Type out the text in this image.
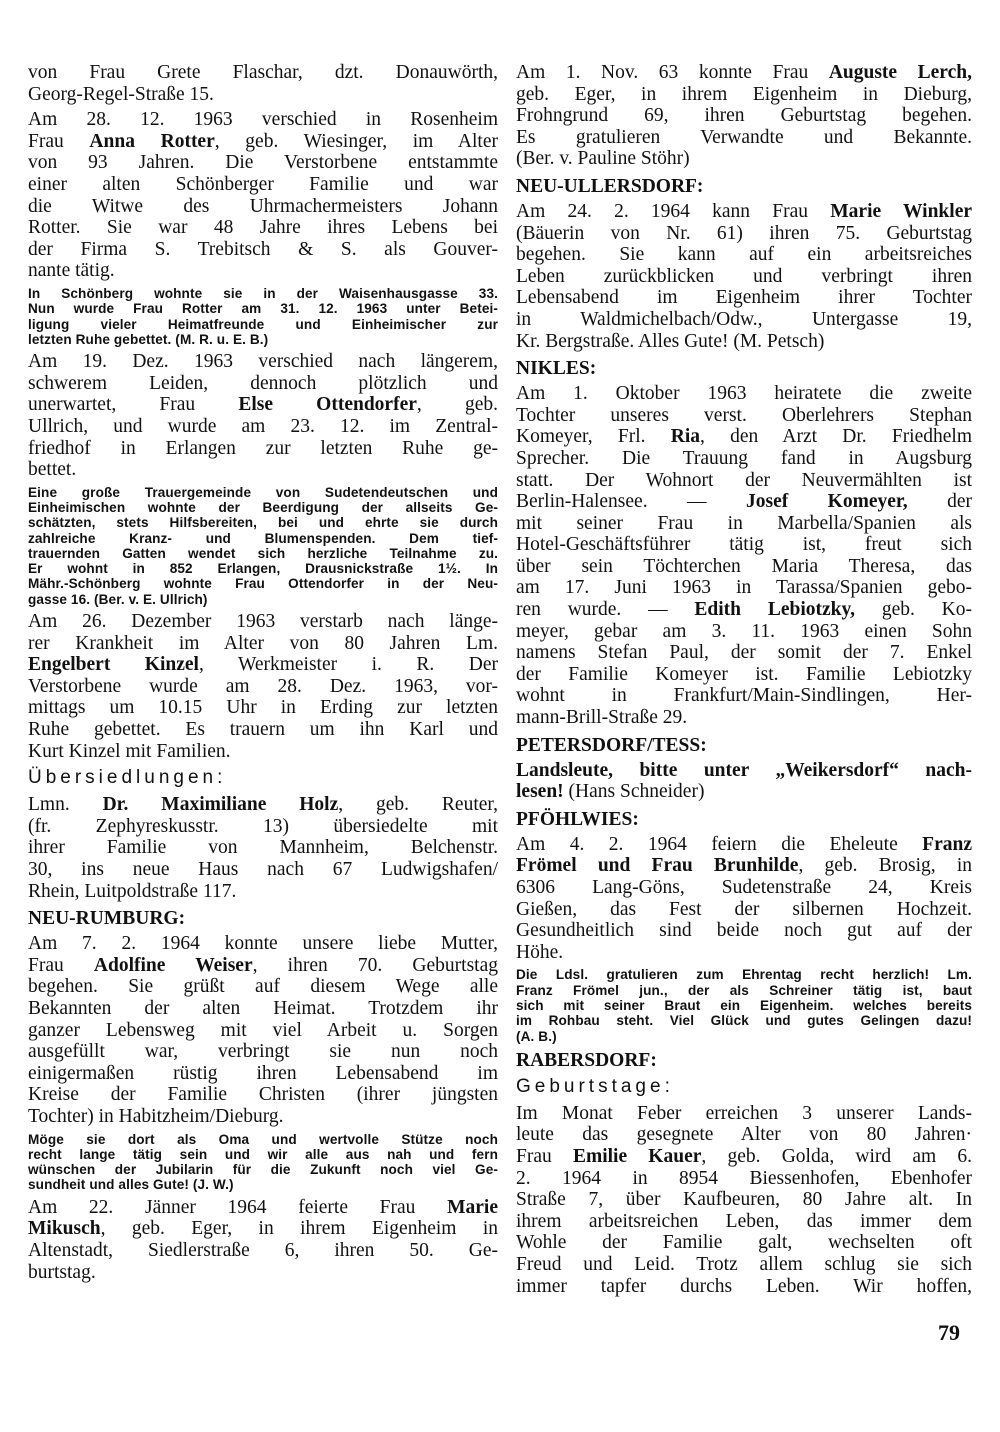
von Frau Grete Flaschar, dzt. Donauwörth,
Georg-Regel-Straße 15.
Am 28. 12. 1963 verschied in Rosenheim
Frau Anna Rotter, geb. Wiesinger, im Alter
von 93 Jahren. Die Verstorbene entstammte
einer alten Schönberger Familie und war
die Witwe des Uhrmachermeisters Johann
Rotter. Sie war 48 Jahre ihres Lebens bei
der Firma S. Trebitsch & S. als Gouver-
nante tätig.
In Schönberg wohnte sie in der Waisenhausgasse 33.
Nun wurde Frau Rotter am 31. 12. 1963 unter Betei-
ligung vieler Heimatfreunde und Einheimischer zur
letzten Ruhe gebettet. (M. R. u. E. B.)
Am 19. Dez. 1963 verschied nach längerem,
schwerem Leiden, dennoch plötzlich und
unerwartet, Frau Else Ottendorfer, geb.
Ullrich, und wurde am 23. 12. im Zentral-
friedhof in Erlangen zur letzten Ruhe ge-
bettet.
Eine große Trauergemeinde von Sudetendeutschen und
Einheimischen wohnte der Beerdigung der allseits Ge-
schätzten, stets Hilfsbereiten, bei und ehrte sie durch
zahlreiche Kranz- und Blumenspenden. Dem tief-
trauernden Gatten wendet sich herzliche Teilnahme zu.
Er wohnt in 852 Erlangen, Drausnickstraße 1½. In
Mähr.-Schönberg wohnte Frau Ottendorfer in der Neu-
gasse 16. (Ber. v. E. Ullrich)
Am 26. Dezember 1963 verstarb nach länge-
rer Krankheit im Alter von 80 Jahren Lm.
Engelbert Kinzel, Werkmeister i. R. Der
Verstorbene wurde am 28. Dez. 1963, vor-
mittags um 10.15 Uhr in Erding zur letzten
Ruhe gebettet. Es trauern um ihn Karl und
Kurt Kinzel mit Familien.
Übersiedlungen:
Lmn. Dr. Maximiliane Holz, geb. Reuter,
(fr. Zephyreskusstr. 13) übersiedelte mit
ihrer Familie von Mannheim, Belchenstr.
30, ins neue Haus nach 67 Ludwigshafen/
Rhein, Luitpoldstraße 117.
NEU-RUMBURG:
Am 7. 2. 1964 konnte unsere liebe Mutter,
Frau Adolfine Weiser, ihren 70. Geburtstag
begehen. Sie grüßt auf diesem Wege alle
Bekannten der alten Heimat. Trotzdem ihr
ganzer Lebensweg mit viel Arbeit u. Sorgen
ausgefüllt war, verbringt sie nun noch
einigermaßen rüstig ihren Lebensabend im
Kreise der Familie Christen (ihrer jüngsten
Tochter) in Habitzheim/Dieburg.
Möge sie dort als Oma und wertvolle Stütze noch
recht lange tätig sein und wir alle aus nah und fern
wünschen der Jubilarin für die Zukunft noch viel Ge-
sundheit und alles Gute! (J. W.)
Am 22. Jänner 1964 feierte Frau Marie
Mikusch, geb. Eger, in ihrem Eigenheim in
Altenstadt, Siedlerstraße 6, ihren 50. Ge-
burtstag.
Am 1. Nov. 63 konnte Frau Auguste Lerch,
geb. Eger, in ihrem Eigenheim in Dieburg,
Frohngrund 69, ihren Geburtstag begehen.
Es gratulieren Verwandte und Bekannte.
(Ber. v. Pauline Stöhr)
NEU-ULLERSDORF:
Am 24. 2. 1964 kann Frau Marie Winkler
(Bäuerin von Nr. 61) ihren 75. Geburtstag
begehen. Sie kann auf ein arbeitsreiches
Leben zurückblicken und verbringt ihren
Lebensabend im Eigenheim ihrer Tochter
in Waldmichelbach/Odw., Untergasse 19,
Kr. Bergstraße. Alles Gute! (M. Petsch)
NIKLES:
Am 1. Oktober 1963 heiratete die zweite
Tochter unseres verst. Oberlehrers Stephan
Komeyer, Frl. Ria, den Arzt Dr. Friedhelm
Sprecher. Die Trauung fand in Augsburg
statt. Der Wohnort der Neuvermählten ist
Berlin-Halensee. — Josef Komeyer, der
mit seiner Frau in Marbella/Spanien als
Hotel-Geschäftsführer tätig ist, freut sich
über sein Töchterchen Maria Theresa, das
am 17. Juni 1963 in Tarassa/Spanien gebo-
ren wurde. — Edith Lebiotzky, geb. Ko-
meyer, gebar am 3. 11. 1963 einen Sohn
namens Stefan Paul, der somit der 7. Enkel
der Familie Komeyer ist. Familie Lebiotzky
wohnt in Frankfurt/Main-Sindlingen, Her-
mann-Brill-Straße 29.
PETERSDORF/TESS:
Landsleute, bitte unter „Weikersdorf“ nach-
lesen! (Hans Schneider)
PFÖHLWIES:
Am 4. 2. 1964 feiern die Eheleute Franz
Frömel und Frau Brunhilde, geb. Brosig, in
6306 Lang-Göns, Sudetenstraße 24, Kreis
Gießen, das Fest der silbernen Hochzeit.
Gesundheitlich sind beide noch gut auf der
Höhe.
Die Ldsl. gratulieren zum Ehrentag recht herzlich! Lm.
Franz Frömel jun., der als Schreiner tätig ist, baut
sich mit seiner Braut ein Eigenheim. welches bereits
im Rohbau steht. Viel Glück und gutes Gelingen dazu!
(A. B.)
RABERSDORF:
Geburtstage:
Im Monat Feber erreichen 3 unserer Lands-
leute das gesegnete Alter von 80 Jahren·
Frau Emilie Kauer, geb. Golda, wird am 6.
2. 1964 in 8954 Biessenhofen, Ebenhofer
Straße 7, über Kaufbeuren, 80 Jahre alt. In
ihrem arbeitsreichen Leben, das immer dem
Wohle der Familie galt, wechselten oft
Freud und Leid. Trotz allem schlug sie sich
immer tapfer durchs Leben. Wir hoffen,
79
